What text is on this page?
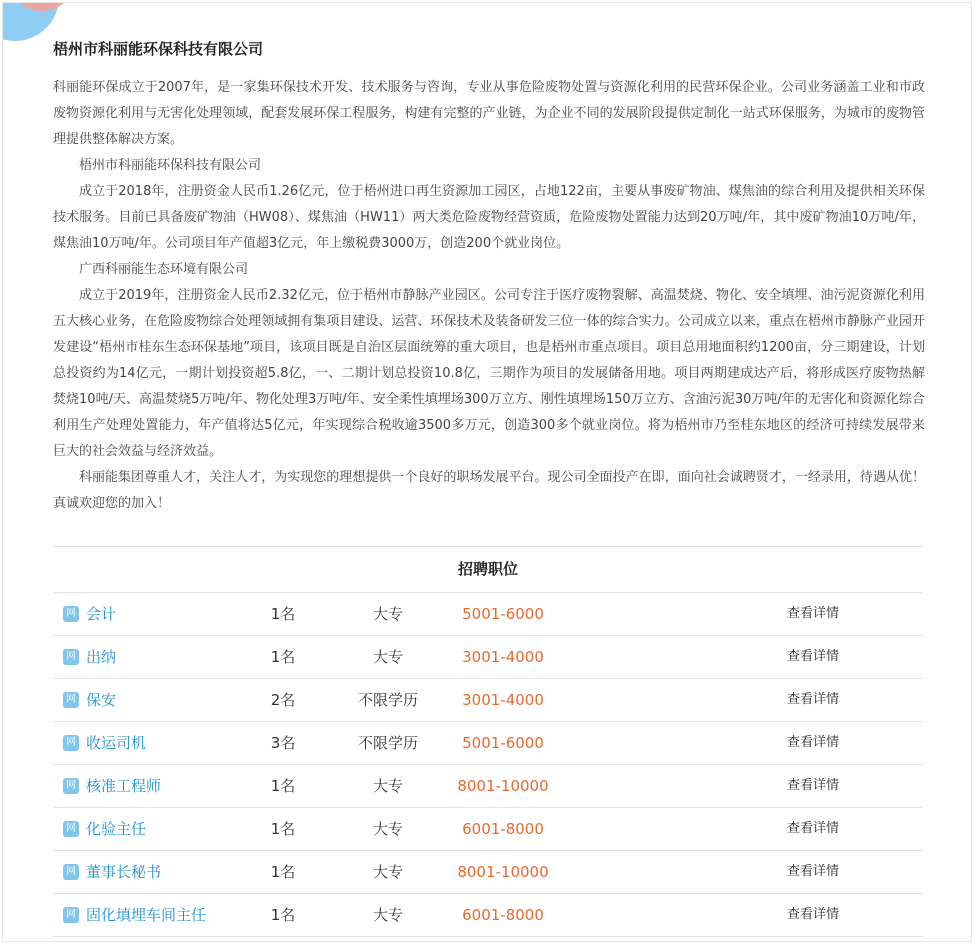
梧州市科丽能环保科技有限公司

科丽能环保成立于2007年，是一家集环保技术开发、技术服务与咨询，专业从事危险废物处置与资源化利用的民营环保企业。公司业务涵盖工业和市政废物资源化利用与无害化处理领域，配套发展环保工程服务，构建有完整的产业链，为企业不同的发展阶段提供定制化一站式环保服务，为城市的废物管理提供整体解决方案。

梧州市科丽能环保科技有限公司

成立于2018年，注册资金人民币1.26亿元，位于梧州进口再生资源加工园区，占地122亩，主要从事废矿物油、煤焦油的综合利用及提供相关环保技术服务。目前已具备废矿物油（HW08）、煤焦油（HW11）两大类危险废物经营资质，危险废物处置能力达到20万吨/年，其中废矿物油10万吨/年，煤焦油10万吨/年。公司项目年产值超3亿元，年上缴税费3000万，创造200个就业岗位。

广西科丽能生态环境有限公司

成立于2019年，注册资金人民币2.32亿元，位于梧州市静脉产业园区。公司专注于医疗废物裂解、高温焚烧、物化、安全填埋、油污泥资源化利用五大核心业务，在危险废物综合处理领域拥有集项目建设、运营、环保技术及装备研发三位一体的综合实力。公司成立以来，重点在梧州市静脉产业园开发建设“梧州市桂东生态环保基地”项目，该项目既是自治区层面统筹的重大项目，也是梧州市重点项目。项目总用地面积约1200亩，分三期建设，计划总投资约为14亿元，一期计划投资超5.8亿，一、二期计划总投资10.8亿，三期作为项目的发展储备用地。项目两期建成达产后，将形成医疗废物热解焚烧10吨/天、高温焚烧5万吨/年、物化处理3万吨/年、安全柔性填埋场300万立方、刚性填埋场150万立方、含油污泥30万吨/年的无害化和资源化综合利用生产处理处置能力，年产值将达5亿元，年实现综合税收逾3500多万元，创造300多个就业岗位。将为梧州市乃至桂东地区的经济可持续发展带来巨大的社会效益与经济效益。

科丽能集团尊重人才，关注人才，为实现您的理想提供一个良好的职场发展平台。现公司全面投产在即，面向社会诚聘贤才，一经录用，待遇从优！真诚欢迎您的加入！

招聘职位
网 会计	1名	大专	5001-6000	查看详情
网 出纳	1名	大专	3001-4000	查看详情
网 保安	2名	不限学历	3001-4000	查看详情
网 收运司机	3名	不限学历	5001-6000	查看详情
网 核准工程师	1名	大专	8001-10000	查看详情
网 化验主任	1名	大专	6001-8000	查看详情
网 董事长秘书	1名	大专	8001-10000	查看详情
网 固化填埋车间主任	1名	大专	6001-8000	查看详情
